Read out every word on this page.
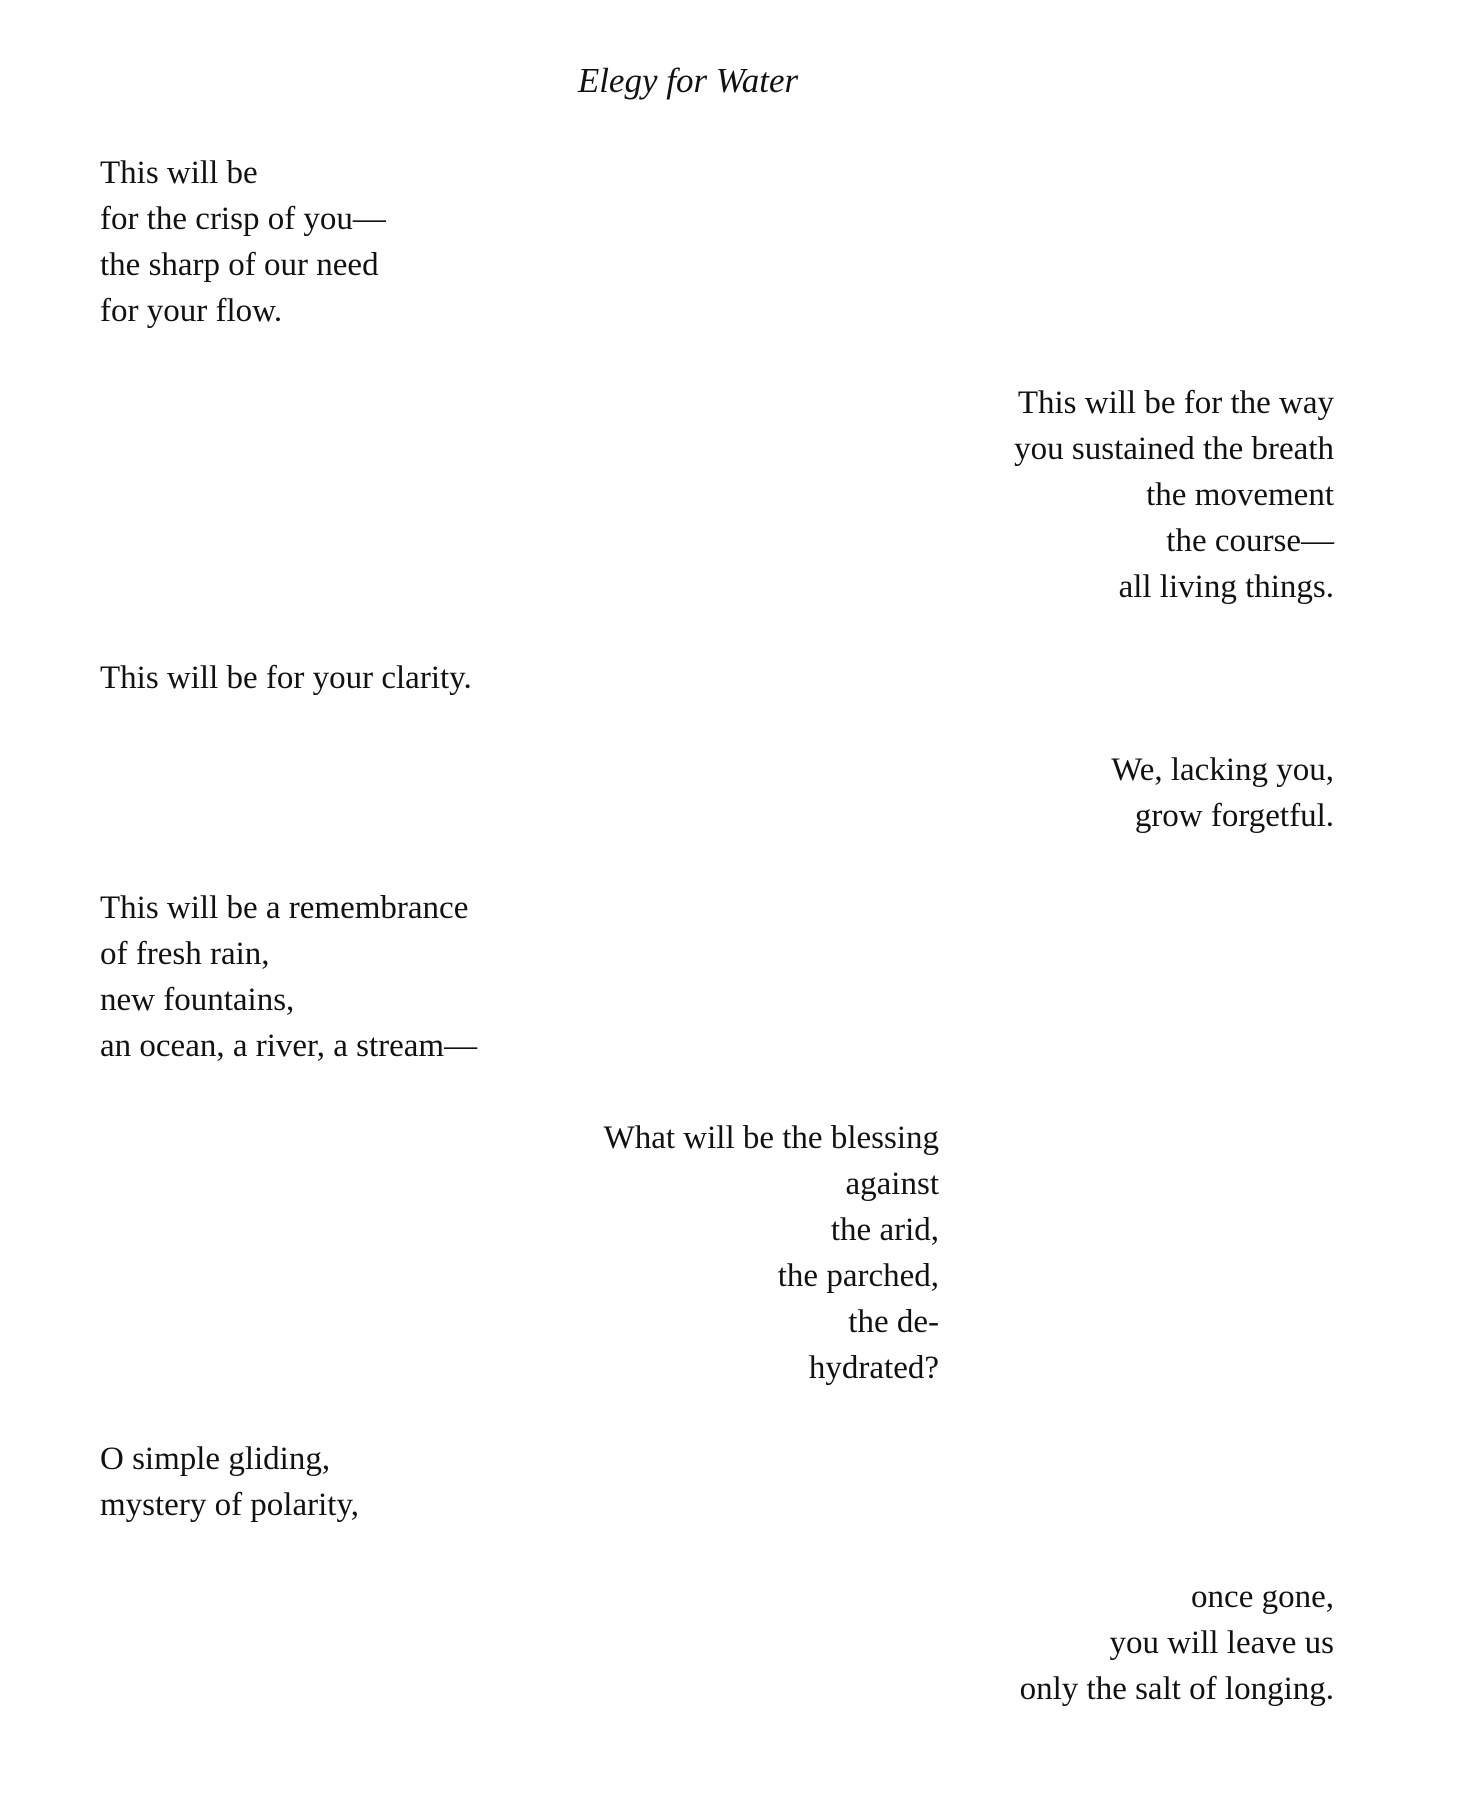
Elegy for Water
This will be
for the crisp of you—
the sharp of our need
for your flow.
This will be for the way
you sustained the breath
the movement
the course—
all living things.
This will be for your clarity.
We, lacking you,
grow forgetful.
This will be a remembrance
of fresh rain,
new fountains,
an ocean, a river, a stream—
What will be the blessing
against
the arid,
the parched,
the de-
hydrated?
O simple gliding,
mystery of polarity,
once gone,
you will leave us
only the salt of longing.
